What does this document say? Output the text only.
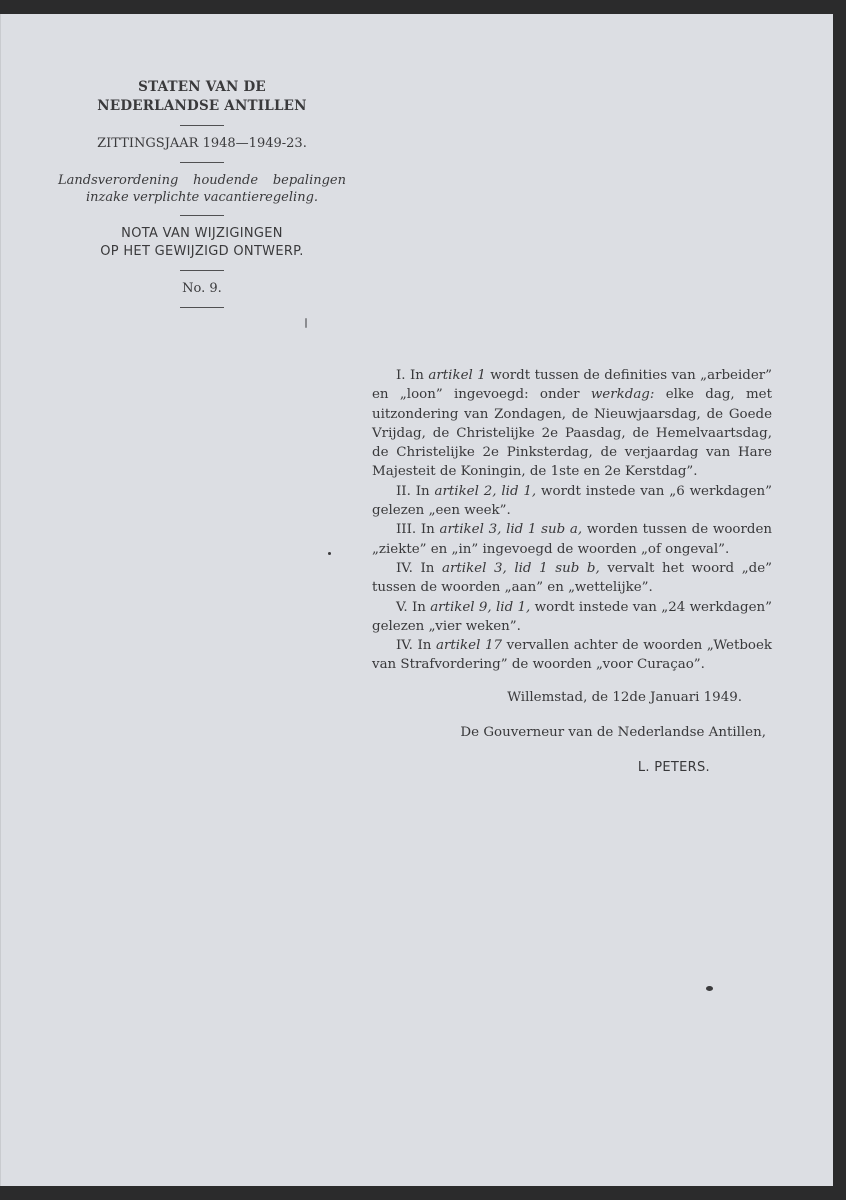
STATEN VAN DE

NEDERLANDSE ANTILLEN

ZITTINGSJAAR 1948—1949-23.

Landsverordening houdende bepalingen inzake verplichte vacantieregeling.

NOTA VAN WIJZIGINGEN

OP HET GEWIJZIGD ONTWERP.

No. 9.

I. In artikel 1 wordt tussen de definities van „arbeider” en „loon” ingevoegd: onder werkdag: elke dag, met uitzondering van Zondagen, de Nieuwjaarsdag, de Goede Vrijdag, de Christelijke 2e Paasdag, de Hemelvaartsdag, de Christelijke 2e Pinksterdag, de verjaardag van Hare Majesteit de Koningin, de 1ste en 2e Kerstdag”.

II. In artikel 2, lid 1, wordt instede van „6 werkdagen” gelezen „een week”.

III. In artikel 3, lid 1 sub a, worden tussen de woorden „ziekte” en „in” ingevoegd de woorden „of ongeval”.

IV. In artikel 3, lid 1 sub b, vervalt het woord „de” tussen de woorden „aan” en „wettelijke”.

V. In artikel 9, lid 1, wordt instede van „24 werkdagen” gelezen „vier weken”.

IV. In artikel 17 vervallen achter de woorden „Wetboek van Strafvordering” de woorden „voor Curaçao”.

Willemstad, de 12de Januari 1949.

De Gouverneur van de Nederlandse Antillen,

L. PETERS.
